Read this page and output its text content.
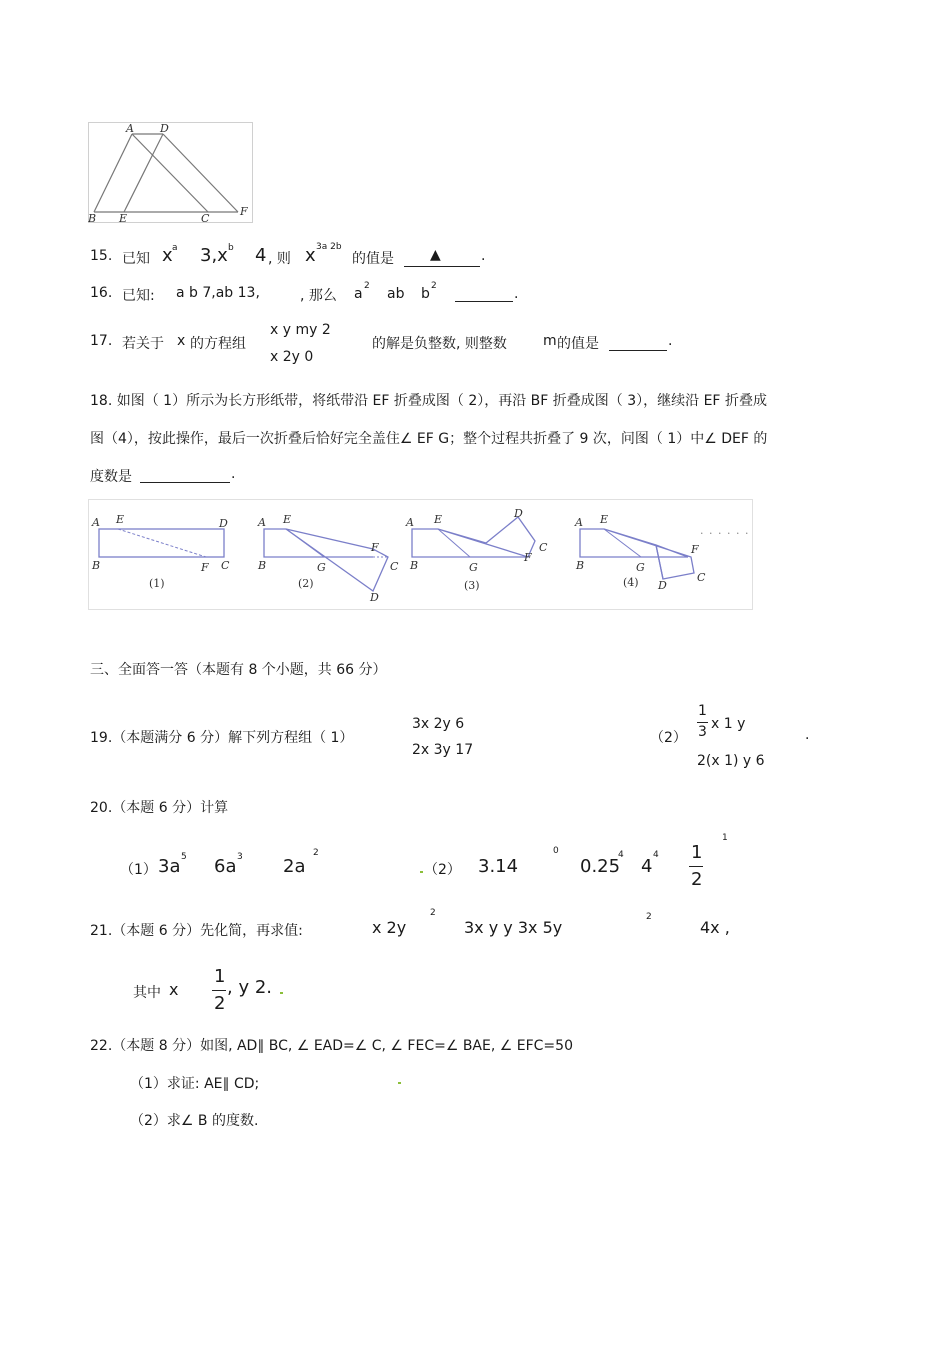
A D
B E	C
F
15. 已知 x a 3,x b 4 , 则 x 3a 2b
的值是	▲	.
16. 已知: a b 7,ab 13,	, 那么 a 2 ab b 2	.
17. 若关于 x 的方程组
x y my 2
x 2y 0
的解是负整数, 则整数	m 的值是	.
18. 如图（ 1）所示为长方形纸带，将纸带沿 EF 折叠成图（ 2），再沿 BF 折叠成图（ 3），继续沿 EF 折叠成
图（4），按此操作，最后一次折叠后恰好完全盖住∠ EF G；整个过程共折叠了 9 次，问图（ 1）中∠ DEF 的
度数是	.
A E	D
B	F C
(1)
A E
F
C
B	G
D
(2)
A E	D
C
B	G
F
(3)
A E
F
C
B	G
D
(4)
· · · · · ·
三、全面答一答（本题有 8 个小题，共 66 分）
19.（本题满分 6 分）解下列方程组（ 1）
3x 2y 6
2x 3y 17
（2）
1
3 x 1 y
2(x 1) y 6
.
20.（本题 6 分）计算
（1） 3a 5 6a 3 2a
2
（2） 3.14
0
0.25
4
4
4 1
2
1
21.（本题 6 分）先化简，再求值:	x 2y
2
3x y y 3x 5y
2
4x ,
其中 x
1
2
, y 2.
22.（本题 8 分）如图, AD∥ BC, ∠ EAD=∠ C, ∠ FEC=∠ BAE, ∠ EFC=50
（1）求证: AE∥ CD;
（2）求∠ B 的度数.
